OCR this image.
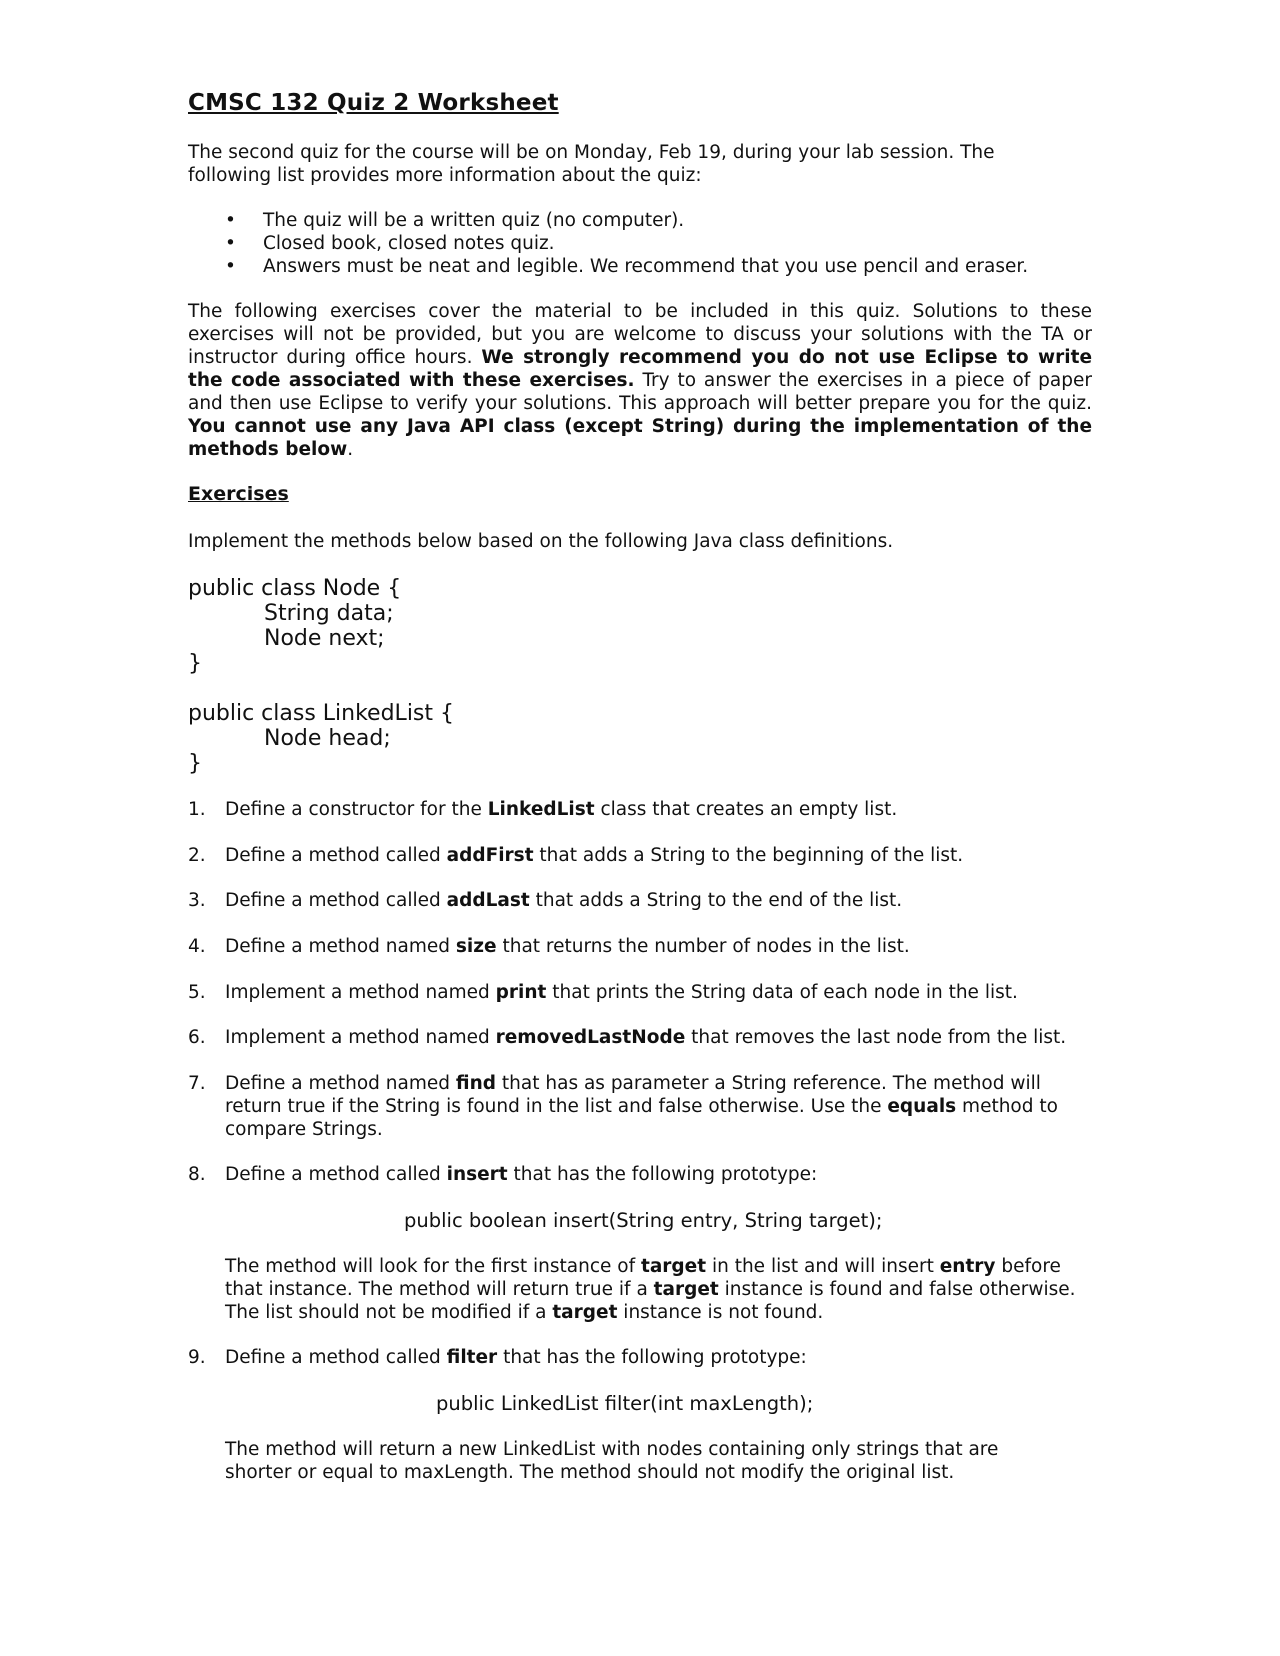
CMSC 132 Quiz 2 Worksheet
The second quiz for the course will be on Monday, Feb 19, during your lab session. The
following list provides more information about the quiz:
• The quiz will be a written quiz (no computer).
• Closed book, closed notes quiz.
• Answers must be neat and legible. We recommend that you use pencil and eraser.
The following exercises cover the material to be included in this quiz. Solutions to these exercises will not be provided, but you are welcome to discuss your solutions with the TA or instructor during office hours. We strongly recommend you do not use Eclipse to write the code associated with these exercises. Try to answer the exercises in a piece of paper and then use Eclipse to verify your solutions. This approach will better prepare you for the quiz. You cannot use any Java API class (except String) during the implementation of the methods below.
Exercises
Implement the methods below based on the following Java class definitions.
public class Node {
String data;
Node next;
}
public class LinkedList {
Node head;
}
1. Define a constructor for the LinkedList class that creates an empty list.
2. Define a method called addFirst that adds a String to the beginning of the list.
3. Define a method called addLast that adds a String to the end of the list.
4. Define a method named size that returns the number of nodes in the list.
5. Implement a method named print that prints the String data of each node in the list.
6. Implement a method named removedLastNode that removes the last node from the list.
7. Define a method named find that has as parameter a String reference. The method will return true if the String is found in the list and false otherwise. Use the equals method to compare Strings.
8. Define a method called insert that has the following prototype:
public boolean insert(String entry, String target);
The method will look for the first instance of target in the list and will insert entry before that instance. The method will return true if a target instance is found and false otherwise. The list should not be modified if a target instance is not found.
9. Define a method called filter that has the following prototype:
public LinkedList filter(int maxLength);
The method will return a new LinkedList with nodes containing only strings that are shorter or equal to maxLength. The method should not modify the original list.
